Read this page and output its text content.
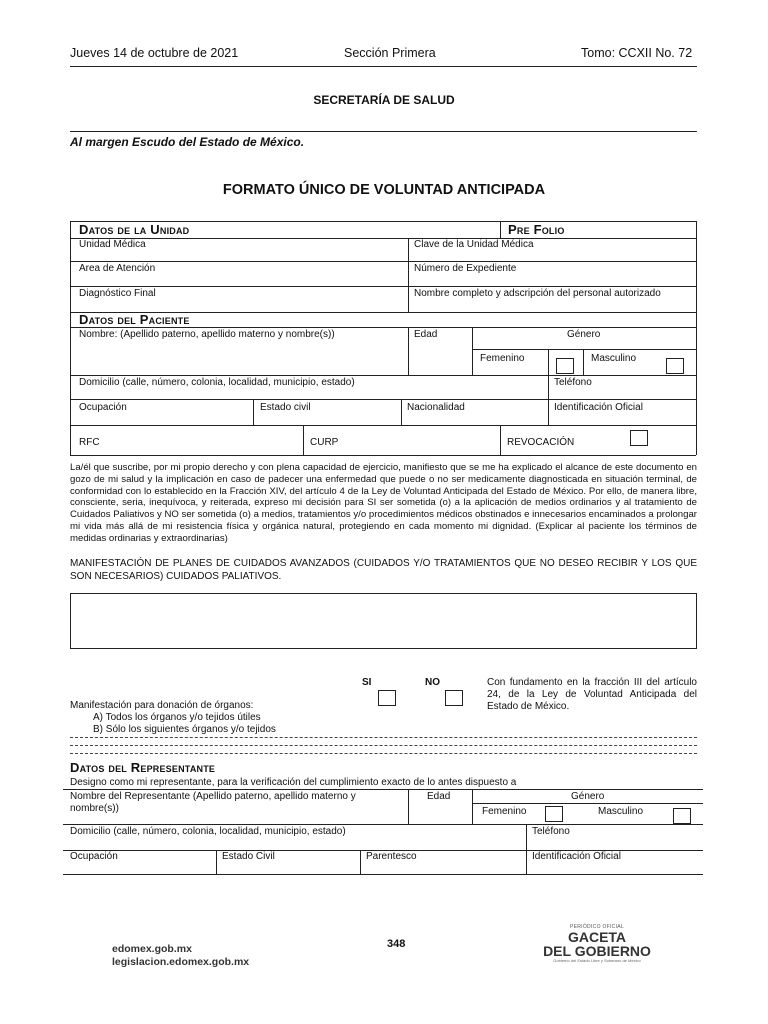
Jueves 14 de octubre de 2021	Sección Primera	Tomo: CCXII No. 72
SECRETARÍA DE SALUD
Al margen Escudo del Estado de México.
FORMATO ÚNICO DE VOLUNTAD ANTICIPADA
Datos de la Unidad	Pre Folio
Unidad Médica	Clave de la Unidad Médica
Area de Atención	Número de Expediente
Diagnóstico Final	Nombre completo y adscripción del personal autorizado
Datos del Paciente
Nombre: (Apellido paterno, apellido materno y nombre(s))	Edad	Género
Femenino	Masculino
Domicilio (calle, número, colonia, localidad, municipio, estado)	Teléfono
Ocupación	Estado civil	Nacionalidad	Identificación Oficial
RFC	CURP	REVOCACIÓN
La/él que suscribe, por mi propio derecho y con plena capacidad de ejercicio, manifiesto que se me ha explicado el alcance de este documento en gozo de mi salud y la implicación en caso de padecer una enfermedad que puede o no ser medicamente diagnosticada en situación terminal, de conformidad con lo establecido en la Fracción XIV, del artículo 4 de la Ley de Voluntad Anticipada del Estado de México. Por ello, de manera libre, consciente, seria, inequívoca, y reiterada, expreso mi decisión para SI ser sometida (o) a la aplicación de medios ordinarios y al tratamiento de Cuidados Paliativos y NO ser sometida (o) a medios, tratamientos y/o procedimientos médicos obstinados e innecesarios encaminados a prolongar mi vida más allá de mi resistencia física y orgánica natural, protegiendo en cada momento mi dignidad. (Explicar al paciente los términos de medidas ordinarias y extraordinarias)
MANIFESTACIÓN DE PLANES DE CUIDADOS AVANZADOS (CUIDADOS Y/O TRATAMIENTOS QUE NO DESEO RECIBIR Y LOS QUE SON NECESARIOS) CUIDADOS PALIATIVOS.
SI	NO	Con fundamento en la fracción III del artículo 24, de la Ley de Voluntad Anticipada del Estado de México.
Manifestación para donación de órganos:
A) Todos los órganos y/o tejidos útiles
B) Sólo los siguientes órganos y/o tejidos
Datos del Representante
Designo como mi representante, para la verificación del cumplimiento exacto de lo antes dispuesto a
Nombre del Representante (Apellido paterno, apellido materno y nombre(s))
Edad	Género
Femenino	Masculino
Domicilio (calle, número, colonia, localidad, municipio, estado)	Teléfono
Ocupación	Estado Civil	Parentesco	Identificación Oficial
edomex.gob.mx
legislacion.edomex.gob.mx
348
PERIÓDICO OFICIAL
GACETA
DEL GOBIERNO
Gobierno del Estado Libre y Soberano de México
